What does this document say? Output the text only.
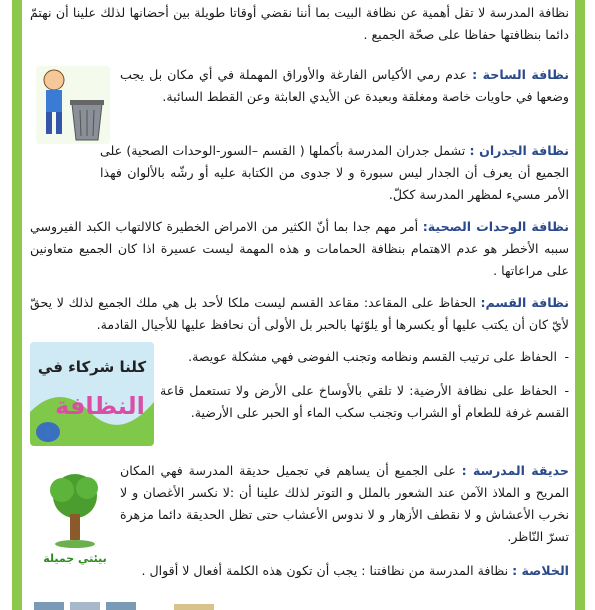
كلنا شركاء في
النظافة
بيئتي جميلة
نظافة المدرسة لا تقل أهمية عن نظافة البيت بما أننا نقضي أوقاتا طويلة بين أحضانها لذلك علينا أن نهتمّ دائما بنظافتها حفاظا على صحّة الجميع .
نظافة الساحة : عدم رمي الأكياس الفارغة والأوراق المهملة في أي مكان بل يجب وضعها في حاويات خاصة ومغلقة وبعيدة عن الأيدي العابثة وعن القطط السائبة.
نظافة الجدران : تشمل جدران المدرسة بأكملها ( القسم –السور-الوحدات الصحية) على الجميع أن يعرف أن الجدار ليس سبورة و لا جدوى من الكتابة عليه أو رشّه بالألوان فهذا الأمر مسيء لمظهر المدرسة ككلّ.
نظافة الوحدات الصحية: أمر مهم جدا بما أنّ الكثير من الامراض الخطيرة كالالتهاب الكبد الفيروسي سببه الأخطر هو عدم الاهتمام بنظافة الحمامات و هذه المهمة ليست عسيرة اذا كان الجميع متعاونين على مراعاتها .
نظافة القسم: الحفاظ على المقاعد: مقاعد القسم ليست ملكا لأحد بل هي ملك الجميع لذلك لا يحقّ لأيّ كان أن يكتب عليها أو يكسرها أو يلوّثها بالحبر بل الأولى أن نحافظ عليها للأجيال القادمة.
-الحفاظ على ترتيب القسم ونظامه وتجنب الفوضى فهي مشكلة عويصة.
-الحفاظ على نظافة الأرضية: لا تلقي بالأوساخ على الأرض ولا تستعمل قاعة القسم غرفة للطعام أو الشراب وتجنب سكب الماء أو الحبر على الأرضية.
حديقة المدرسة : على الجميع أن يساهم في تجميل حديقة المدرسة فهي المكان المريح و الملاذ الآمن عند الشعور بالملل و التوتر لذلك علينا أن :لا نكسر الأغصان و لا نخرب الأعشاش و لا نقطف الأزهار و لا ندوس الأعشاب حتى تظل الحديقة دائما مزهرة تسرّ النّاظر.
الخلاصة : نظافة المدرسة من نظافتنا : يجب أن تكون هذه الكلمة أفعال لا أقوال .
